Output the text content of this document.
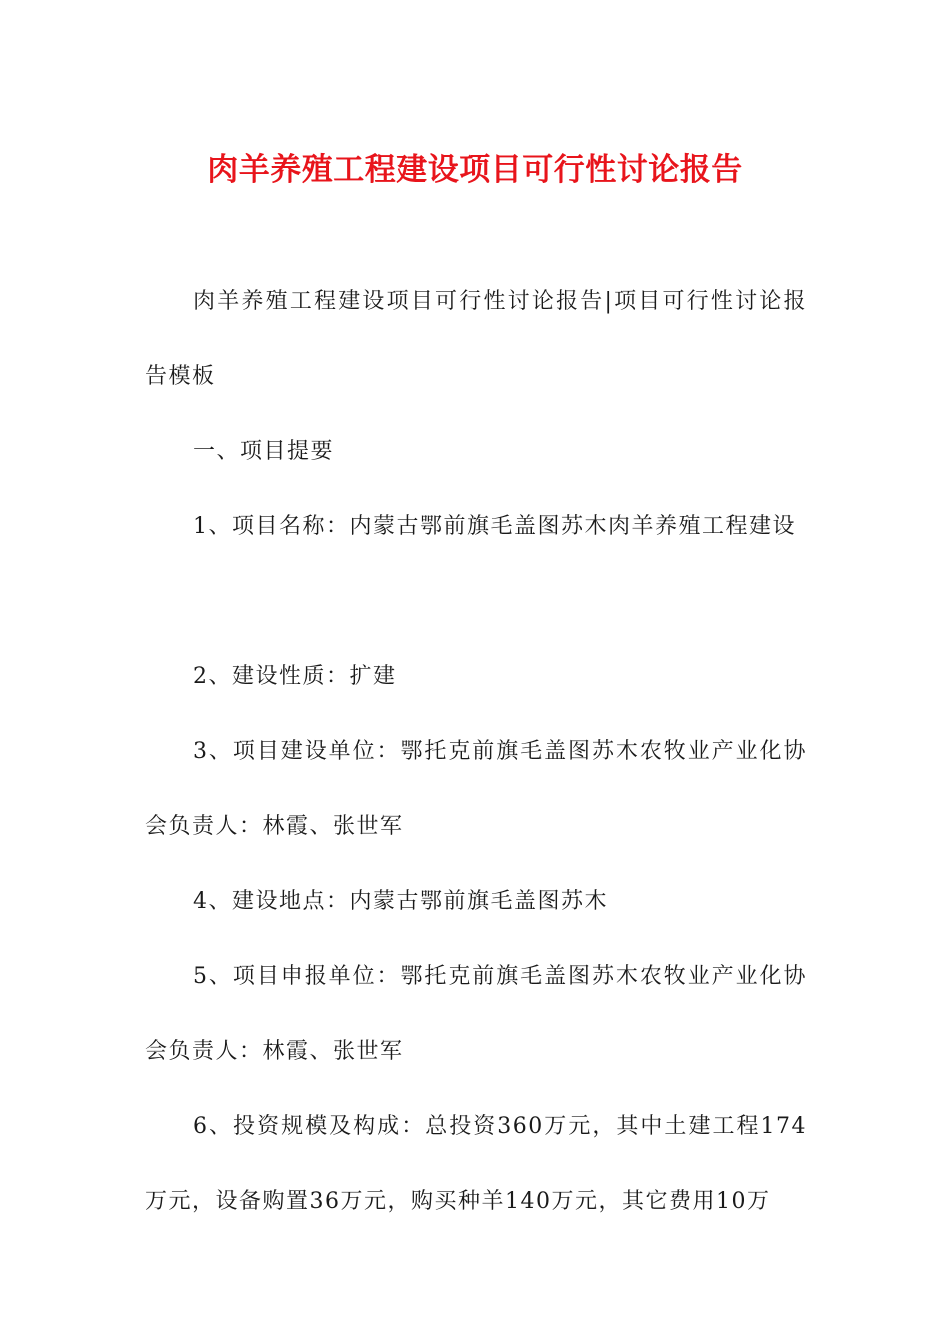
肉羊养殖工程建设项目可行性讨论报告

肉羊养殖工程建设项目可行性讨论报告|项目可行性讨论报告模板

一、项目提要

1、项目名称：内蒙古鄂前旗毛盖图苏木肉羊养殖工程建设

2、建设性质：扩建

3、项目建设单位：鄂托克前旗毛盖图苏木农牧业产业化协会负责人：林霞、张世军

4、建设地点：内蒙古鄂前旗毛盖图苏木

5、项目申报单位：鄂托克前旗毛盖图苏木农牧业产业化协会负责人：林霞、张世军

6、投资规模及构成：总投资360万元，其中土建工程174万元，设备购置36万元，购买种羊140万元，其它费用10万
